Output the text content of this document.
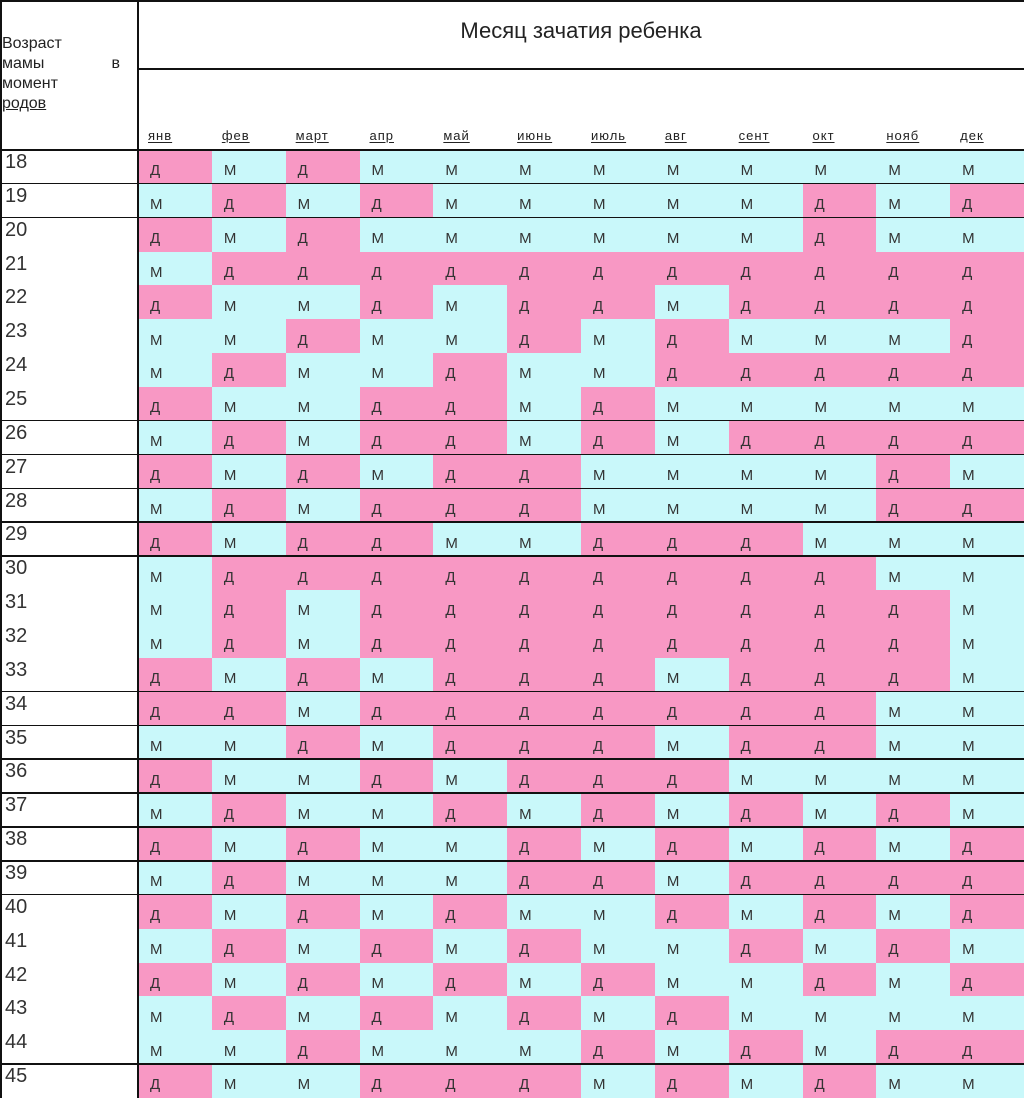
Возраст
мамы	в
момент
родов
Месяц зачатия ребенка
янв	фев	март	апр	май	июнь	июль	авг	сент	окт	нояб	дек
18	Д	М	Д	М	М	М	М	М	М	М	М	М
19	М	Д	М	Д	М	М	М	М	М	Д	М	Д
20	Д	М	Д	М	М	М	М	М	М	Д	М	М
21	М	Д	Д	Д	Д	Д	Д	Д	Д	Д	Д	Д
22	Д	М	М	Д	М	Д	Д	М	Д	Д	Д	Д
23	М	М	Д	М	М	Д	М	Д	М	М	М	Д
24	М	Д	М	М	Д	М	М	Д	Д	Д	Д	Д
25	Д	М	М	Д	Д	М	Д	М	М	М	М	М
26	М	Д	М	Д	Д	М	Д	М	Д	Д	Д	Д
27	Д	М	Д	М	Д	Д	М	М	М	М	Д	М
28	М	Д	М	Д	Д	Д	М	М	М	М	Д	Д
29	Д	М	Д	Д	М	М	Д	Д	Д	М	М	М
30	М	Д	Д	Д	Д	Д	Д	Д	Д	Д	М	М
31	М	Д	М	Д	Д	Д	Д	Д	Д	Д	Д	М
32	М	Д	М	Д	Д	Д	Д	Д	Д	Д	Д	М
33	Д	М	Д	М	Д	Д	Д	М	Д	Д	Д	М
34	Д	Д	М	Д	Д	Д	Д	Д	Д	Д	М	М
35	М	М	Д	М	Д	Д	Д	М	Д	Д	М	М
36	Д	М	М	Д	М	Д	Д	Д	М	М	М	М
37	М	Д	М	М	Д	М	Д	М	Д	М	Д	М
38	Д	М	Д	М	М	Д	М	Д	М	Д	М	Д
39	М	Д	М	М	М	Д	Д	М	Д	Д	Д	Д
40	Д	М	Д	М	Д	М	М	Д	М	Д	М	Д
41	М	Д	М	Д	М	Д	М	М	Д	М	Д	М
42	Д	М	Д	М	Д	М	Д	М	М	Д	М	Д
43	М	Д	М	Д	М	Д	М	Д	М	М	М	М
44	М	М	Д	М	М	М	Д	М	Д	М	Д	Д
45	Д	М	М	Д	Д	Д	М	Д	М	Д	М	М
